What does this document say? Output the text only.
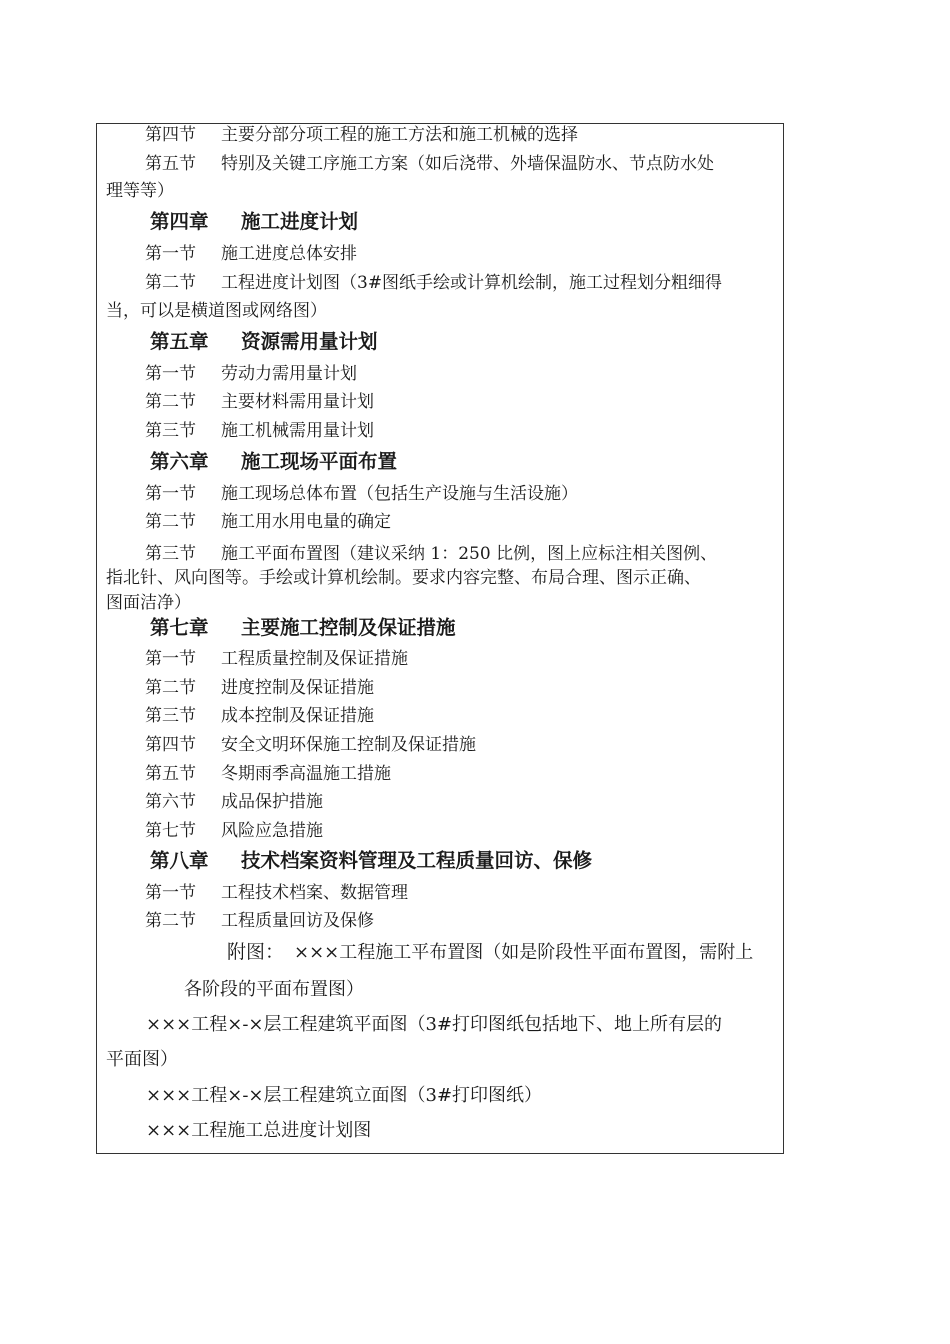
第四节 主要分部分项工程的施工方法和施工机械的选择
第五节 特别及关键工序施工方案（如后浇带、外墙保温防水、节点防水处
理等等）
第四章 施工进度计划
第一节 施工进度总体安排
第二节 工程进度计划图（3#图纸手绘或计算机绘制，施工过程划分粗细得
当，可以是横道图或网络图）
第五章 资源需用量计划
第一节 劳动力需用量计划
第二节 主要材料需用量计划
第三节 施工机械需用量计划
第六章 施工现场平面布置
第一节 施工现场总体布置（包括生产设施与生活设施）
第二节 施工用水用电量的确定
第三节 施工平面布置图（建议采纳 1：250 比例，图上应标注相关图例、
指北针、风向图等。手绘或计算机绘制。要求内容完整、布局合理、图示正确、
图面洁净）
第七章 主要施工控制及保证措施
第一节 工程质量控制及保证措施
第二节 进度控制及保证措施
第三节 成本控制及保证措施
第四节 安全文明环保施工控制及保证措施
第五节 冬期雨季高温施工措施
第六节 成品保护措施
第七节 风险应急措施
第八章 技术档案资料管理及工程质量回访、保修
第一节 工程技术档案、数据管理
第二节 工程质量回访及保修
附图： ×××工程施工平布置图（如是阶段性平面布置图，需附上
各阶段的平面布置图）
×××工程×-×层工程建筑平面图（3#打印图纸包括地下、地上所有层的
平面图）
×××工程×-×层工程建筑立面图（3#打印图纸）
×××工程施工总进度计划图
